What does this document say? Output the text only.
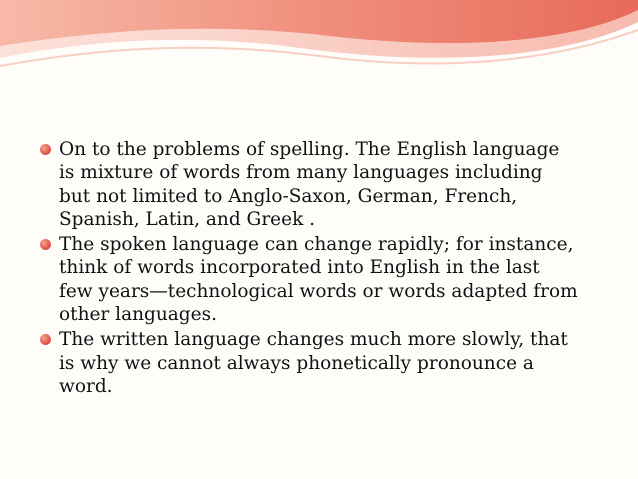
On to the problems of spelling. The English language
is mixture of words from many languages including
but not limited to Anglo-Saxon, German, French,
Spanish, Latin, and Greek .
The spoken language can change rapidly; for instance,
think of words incorporated into English in the last
few years—technological words or words adapted from
other languages.
The written language changes much more slowly, that
is why we cannot always phonetically pronounce a
word.
